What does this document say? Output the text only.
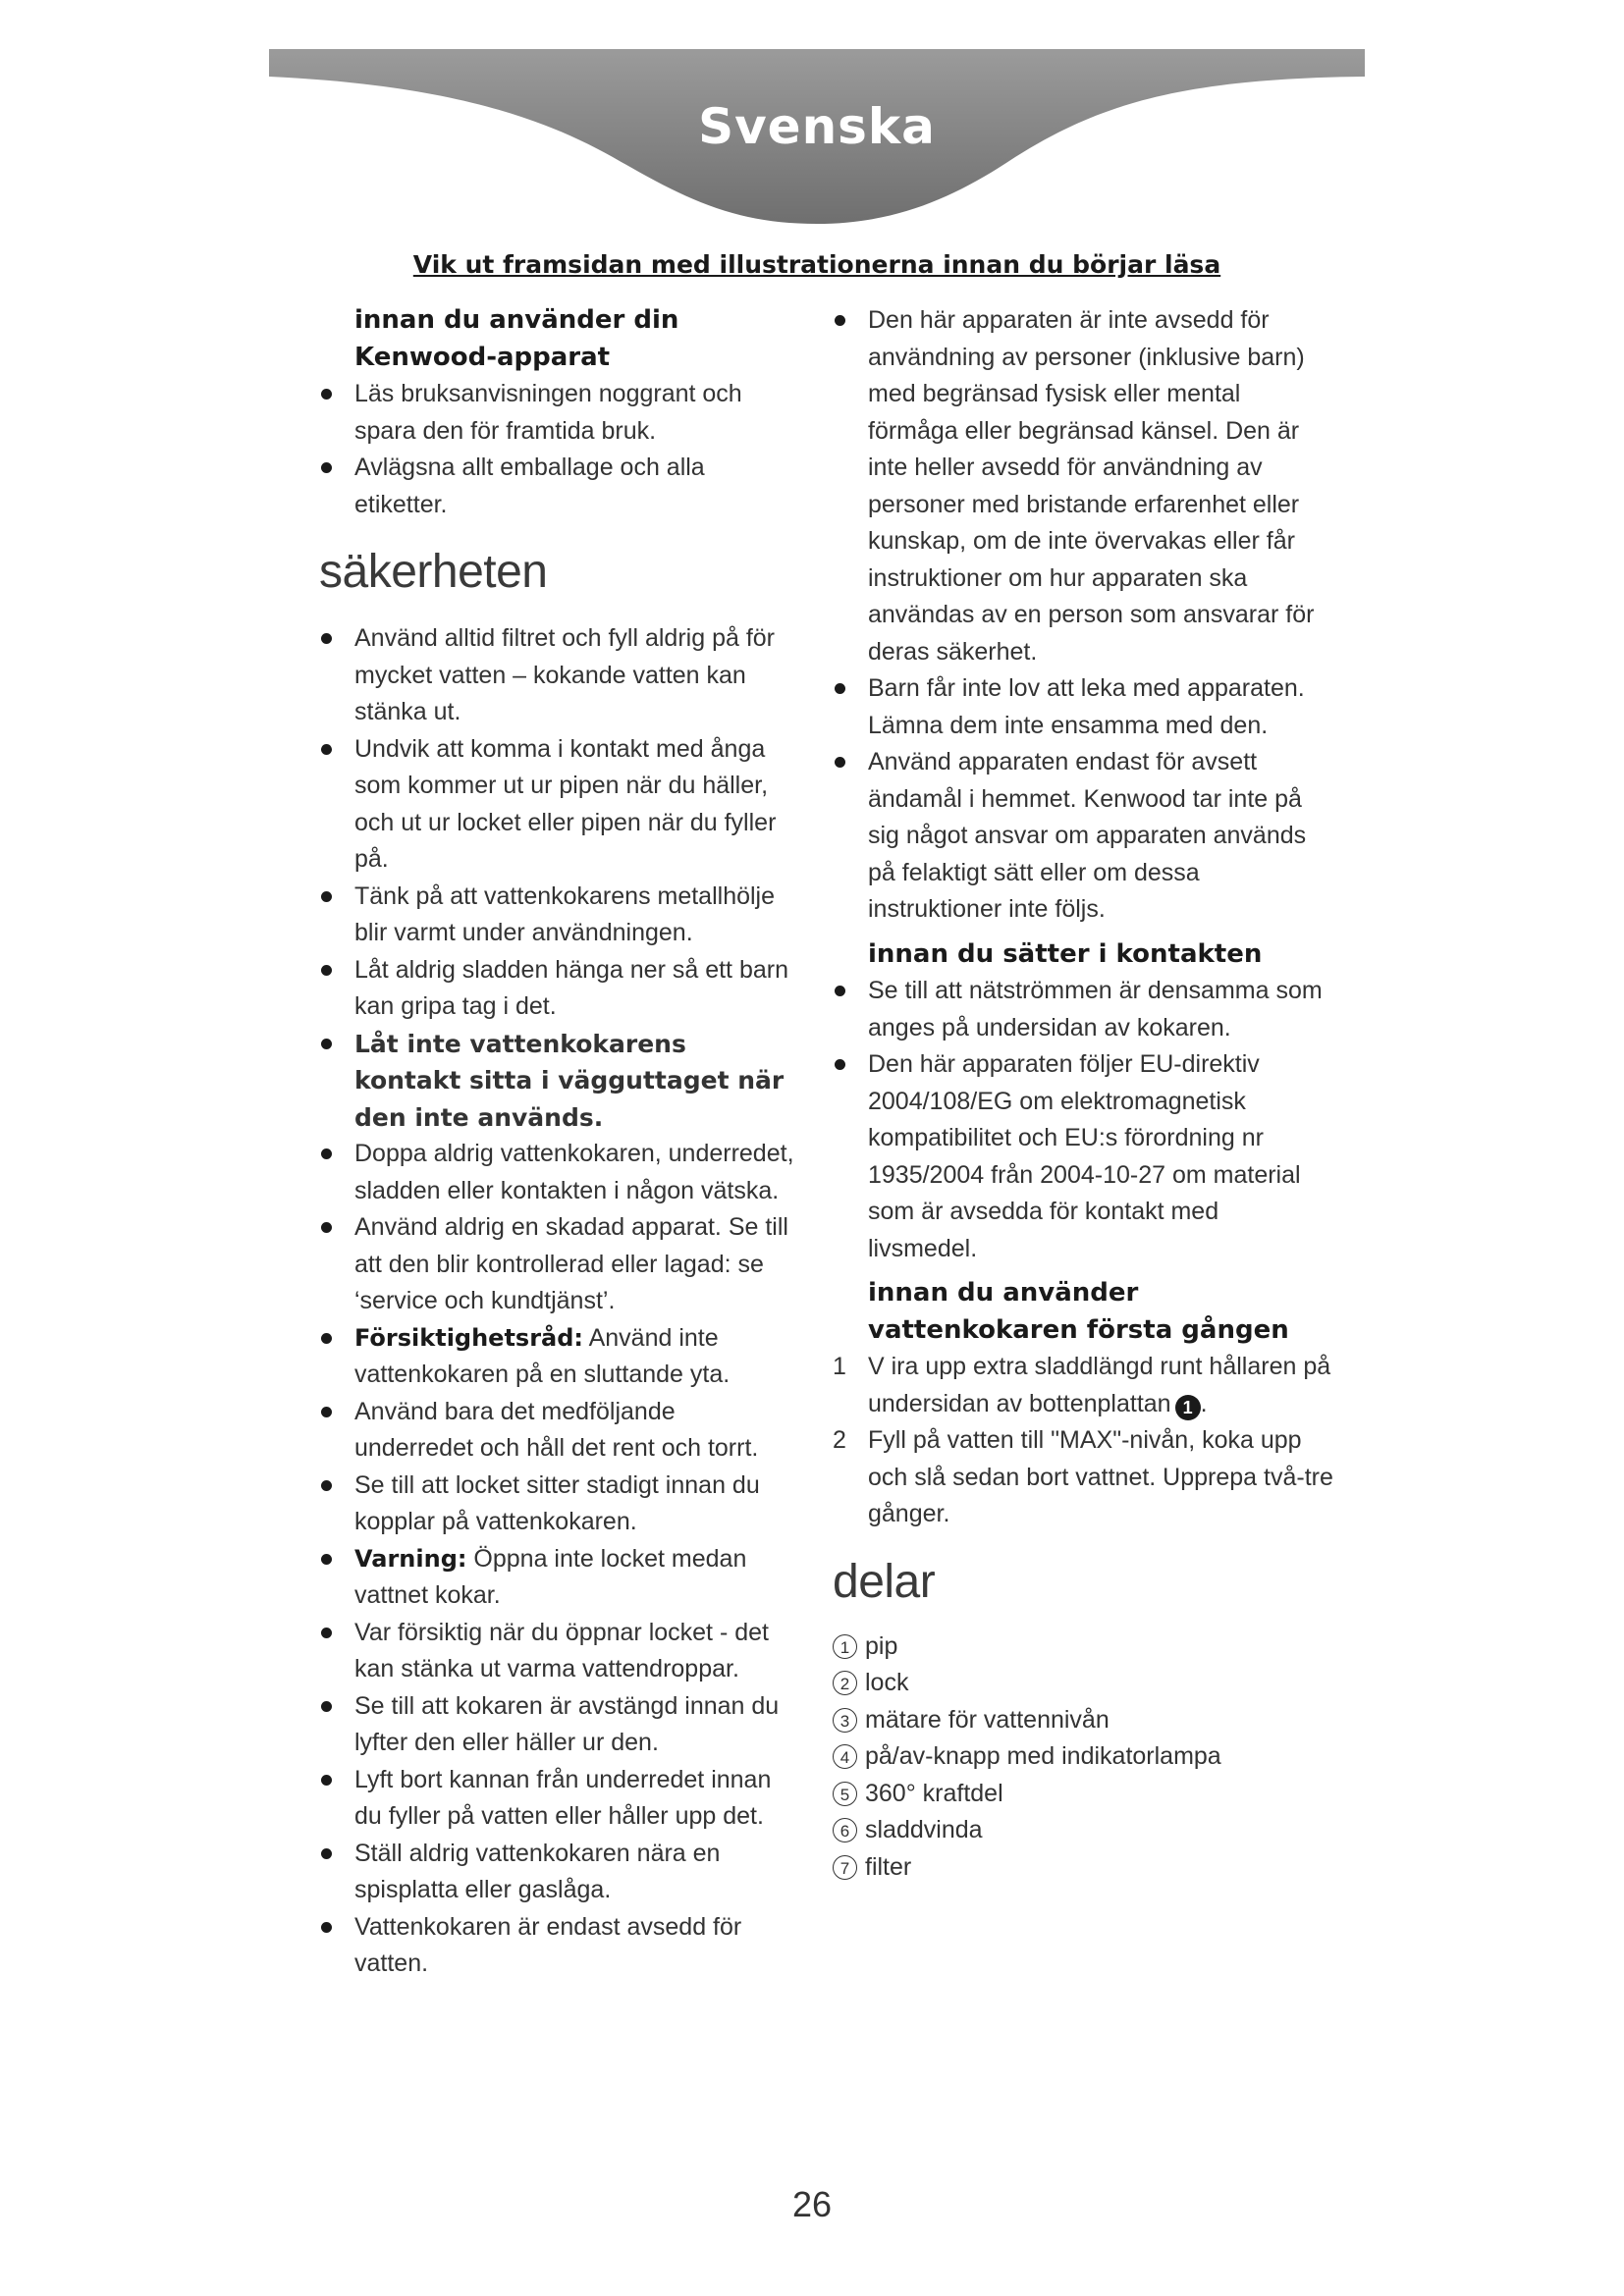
Svenska
Vik ut framsidan med illustrationerna innan du börjar läsa
innan du använder din
Kenwood-apparat
Läs bruksanvisningen noggrant och spara den för framtida bruk.
Avlägsna allt emballage och alla etiketter.
säkerheten
Använd alltid filtret och fyll aldrig på för mycket vatten – kokande vatten kan stänka ut.
Undvik att komma i kontakt med ånga som kommer ut ur pipen när du häller, och ut ur locket eller pipen när du fyller på.
Tänk på att vattenkokarens metallhölje blir varmt under användningen.
Låt aldrig sladden hänga ner så ett barn kan gripa tag i det.
Låt inte vattenkokarens kontakt sitta i vägguttaget när den inte används.
Doppa aldrig vattenkokaren, underredet, sladden eller kontakten i någon vätska.
Använd aldrig en skadad apparat. Se till att den blir kontrollerad eller lagad: se ‘service och kundtjänst’.
Försiktighetsråd: Använd inte vattenkokaren på en sluttande yta.
Använd bara det medföljande underredet och håll det rent och torrt.
Se till att locket sitter stadigt innan du kopplar på vattenkokaren.
Varning: Öppna inte locket medan vattnet kokar.
Var försiktig när du öppnar locket - det kan stänka ut varma vattendroppar.
Se till att kokaren är avstängd innan du lyfter den eller häller ur den.
Lyft bort kannan från underredet innan du fyller på vatten eller håller upp det.
Ställ aldrig vattenkokaren nära en spisplatta eller gaslåga.
Vattenkokaren är endast avsedd för vatten.
Den här apparaten är inte avsedd för användning av personer (inklusive barn) med begränsad fysisk eller mental förmåga eller begränsad känsel. Den är inte heller avsedd för användning av personer med bristande erfarenhet eller kunskap, om de inte övervakas eller får instruktioner om hur apparaten ska användas av en person som ansvarar för deras säkerhet.
Barn får inte lov att leka med apparaten. Lämna dem inte ensamma med den.
Använd apparaten endast för avsett ändamål i hemmet. Kenwood tar inte på sig något ansvar om apparaten används på felaktigt sätt eller om dessa instruktioner inte följs.
innan du sätter i kontakten
Se till att nätströmmen är densamma som anges på undersidan av kokaren.
Den här apparaten följer EU-direktiv 2004/108/EG om elektromagnetisk kompatibilitet och EU:s förordning nr 1935/2004 från 2004-10-27 om material som är avsedda för kontakt med livsmedel.
innan du använder
vattenkokaren första gången
1 V ira upp extra sladdlängd runt hållaren på undersidan av bottenplattan 1 .
2 Fyll på vatten till "MAX"-nivån, koka upp och slå sedan bort vattnet. Upprepa två-tre gånger.
delar
1 pip
2 lock
3 mätare för vattennivån
4 på/av-knapp med indikatorlampa
5 360° kraftdel
6 sladdvinda
7 filter
26
